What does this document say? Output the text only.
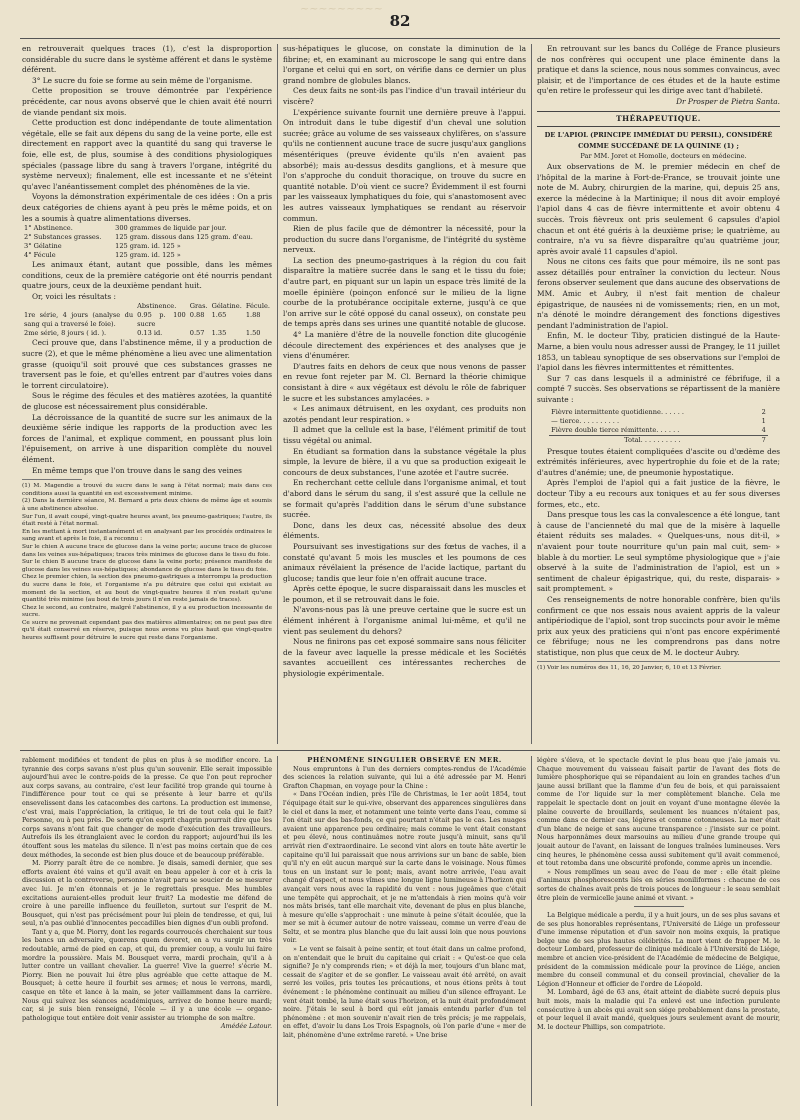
~~~~~~~~~
82

en retrouverait quelques traces (1), c'est la disproportion considérable du sucre dans le système afférent et dans le système déférent.

3° Le sucre du foie se forme au sein même de l'organisme.

Cette proposition se trouve démontrée par l'expérience précédente, car nous avons observé que le chien avait été nourri de viande pendant six mois.

Cette production est donc indépendante de toute alimentation végétale, elle se fait aux dépens du sang de la veine porte, elle est directement en rapport avec la quantité du sang qui traverse le foie, elle est, de plus, soumise à des conditions physiologiques spéciales (passage libre du sang à travers l'organe, intégrité du système nerveux); finalement, elle est incessante et ne s'éteint qu'avec l'anéantissement complet des phénomènes de la vie.

Voyons la démonstration expérimentale de ces idées : On a pris deux catégories de chiens ayant à peu près le même poids, et on les a soumis à quatre alimentations diverses.

1° Abstinence.	300 grammes de liquide par jour.
2° Substances grasses.	125 gram. dissous dans 125 gram. d'eau.
3° Gélatine	125 gram. id. 125 »
4° Fécule	125 gram. id. 125 »

Les animaux étant, autant que possible, dans les mêmes conditions, ceux de la première catégorie ont été nourris pendant quatre jours, ceux de la deuxième pendant huit.

Or, voici les résultats :

	Abstinence.	Gras.	Gélatine.	Fécule.
1re série, 4 jours (analyse du sang qui a traversé le foie).	0.95 p. 100 sucre	0.88	1.65	1.88
2me série, 8 jours ( id. ).	0.13 id.	0.57	1.35	1.50

Ceci prouve que, dans l'abstinence même, il y a production de sucre (2), et que le même phénomène a lieu avec une alimentation grasse (quoiqu'il soit prouvé que ces substances grasses ne traversent pas le foie, et qu'elles entrent par d'autres voies dans le torrent circulatoire).

Sous le régime des fécules et des matières azotées, la quantité de glucose est nécessairement plus considérable.

La décroissance de la quantité de sucre sur les animaux de la deuxième série indique les rapports de la production avec les forces de l'animal, et explique comment, en poussant plus loin l'épuisement, on arrive à une disparition complète du nouvel élément.

En même temps que l'on trouve dans le sang des veines

(1) M. Magendie a trouvé du sucre dans le sang à l'état normal; mais dans ces conditions aussi la quantité en est excessivement minime.

(2) Dans la dernière séance, M. Bernard a pris deux chiens de même âge et soumis à une abstinence absolue.

Sur l'un, il avait coupé, vingt-quatre heures avant, les pneumo-gastriques; l'autre, ils était resté à l'état normal.

En les mettant à mort instantanément et en analysant par les procédés ordinaires le sang avant et après le foie, il a reconnu :

Sur le chien A aucune trace de glucose dans la veine porte; aucune trace de glucose dans les veines sus-hépatiques; traces très minimes de glucose dans le tissu du foie.

Sur le chien B aucune trace de glucose dans la veine porte; présence manifeste de glucose dans les veines sus-hépatiques; abondance de glucose dans le tissu du foie.

Chez le premier chien, la section des pneumo-gastriques a interrompu la production du sucre dans le foie, et l'organisme n'a pu détruire que celui qui existait au moment de la section, et au bout de vingt-quatre heures il n'en restait qu'une quantité très minime (au bout de trois jours il n'en reste jamais de traces).

Chez le second, au contraire, malgré l'abstinence, il y a eu production incessante de sucre.

Ce sucre ne provenait cependant pas des matières alimentaires; on ne peut pas dire qu'il était conservé en réserve, puisque nous avons vu plus haut que vingt-quatre heures suffisent pour détruire le sucre qui reste dans l'organisme.

sus-hépatiques le glucose, on constate la diminution de la fibrine; et, en examinant au microscope le sang qui entre dans l'organe et celui qui en sort, on vérifie dans ce dernier un plus grand nombre de globules blancs.

Ces deux faits ne sont-ils pas l'indice d'un travail intérieur du viscère?

L'expérience suivante fournit une dernière preuve à l'appui. On introduit dans le tube digestif d'un cheval une solution sucrée; grâce au volume de ses vaisseaux chylifères, on s'assure qu'ils ne contiennent aucune trace de sucre jusqu'aux ganglions mésentériques (preuve évidente qu'ils n'en avaient pas absorbé); mais au-dessus desdits ganglions, et à mesure que l'on s'approche du conduit thoracique, on trouve du sucre en quantité notable. D'où vient ce sucre? Évidemment il est fourni par les vaisseaux lymphatiques du foie, qui s'anastomosent avec les autres vaisseaux lymphatiques se rendant au réservoir commun.

Rien de plus facile que de démontrer la nécessité, pour la production du sucre dans l'organisme, de l'intégrité du système nerveux.

La section des pneumo-gastriques à la région du cou fait disparaître la matière sucrée dans le sang et le tissu du foie; d'autre part, en piquant sur un lapin un espace très limité de la moelle épinière (poinçon enfoncé sur le milieu de la ligne courbe de la protubérance occipitale externe, jusqu'à ce que l'on arrive sur le côté opposé du canal osseux), on constate peu de temps après dans ses urines une quantité notable de glucose.

4° La manière d'être de la nouvelle fonction dite glucogénie découle directement des expériences et des analyses que je viens d'énumérer.

D'autres faits en dehors de ceux que nous venons de passer en revue font rejeter par M. Cl. Bernard la théorie chimique consistant à dire « aux végétaux est dévolu le rôle de fabriquer le sucre et les substances amylacées. »

« Les animaux détruisent, en les oxydant, ces produits non azotés pendant leur respiration. »

Il admet que la cellule est la base, l'élément primitif de tout tissu végétal ou animal.

En étudiant sa formation dans la substance végétale la plus simple, la levure de bière, il a vu que sa production exigeait le concours de deux substances, l'une azotée et l'autre sucrée.

En recherchant cette cellule dans l'organisme animal, et tout d'abord dans le sérum du sang, il s'est assuré que la cellule ne se formait qu'après l'addition dans le sérum d'une substance sucrée.

Donc, dans les deux cas, nécessité absolue des deux éléments.

Poursuivant ses investigations sur des fœtus de vaches, il a constaté qu'avant 5 mois les muscles et les poumons de ces animaux révélaient la présence de l'acide lactique, partant du glucose; tandis que leur foie n'en offrait aucune trace.

Après cette époque, le sucre disparaissait dans les muscles et le poumon, et il se retrouvait dans le foie.

N'avons-nous pas là une preuve certaine que le sucre est un élément inhérent à l'organisme animal lui-même, et qu'il ne vient pas seulement du dehors?

Nous ne finirons pas cet exposé sommaire sans nous féliciter de la faveur avec laquelle la presse médicale et les Sociétés savantes accueillent ces intéressantes recherches de physiologie expérimentale.

En retrouvant sur les bancs du Collége de France plusieurs de nos confrères qui occupent une place éminente dans la pratique et dans la science, nous nous sommes convaincus, avec plaisir, et de l'importance de ces études et de la haute estime qu'en retire le professeur qui les dirige avec tant d'habileté.

Dr Prosper de Pietra Santa.

THÉRAPEUTIQUE.

DE L'APIOL (PRINCIPE IMMÉDIAT DU PERSIL), CONSIDÉRÉ COMME SUCCÉDANÉ DE LA QUININE (1) ;

Par MM. Joret et Homolle, docteurs en médecine.

Aux observations de M. le premier médecin en chef de l'hôpital de la marine à Fort-de-France, se trouvait jointe une note de M. Aubry, chirurgien de la marine, qui, depuis 25 ans, exerce la médecine à la Martinique; il nous dit avoir employé l'apiol dans 4 cas de fièvre intermittente et avoir obtenu 4 succès. Trois fièvreux ont pris seulement 6 capsules d'apiol chacun et ont été guéris à la deuxième prise; le quatrième, au contraire, n'a vu sa fièvre disparaître qu'au quatrième jour, après avoir avalé 11 capsules d'apiol.

Nous ne citons ces faits que pour mémoire, ils ne sont pas assez détaillés pour entraîner la conviction du lecteur. Nous ferons observer seulement que dans aucune des observations de MM. Amic et Aubry, il n'est fait mention de chaleur épigastrique, de nausées ni de vomissements; rien, en un mot, n'a dénoté le moindre dérangement des fonctions digestives pendant l'administration de l'apiol.

Enfin, M. le docteur Tiby, praticien distingué de la Haute-Marne, a bien voulu nous adresser aussi de Prangey, le 11 juillet 1853, un tableau synoptique de ses observations sur l'emploi de l'apiol dans les fièvres intermittentes et rémittentes.

Sur 7 cas dans lesquels il a administré ce fébrifuge, il a compté 7 succès. Ses observations se répartissent de la manière suivante :

Fièvre intermittente quotidienne. . . . . .	2
— tierce. . . . . . . . . .	1
Fièvre double tierce rémittente. . . . . .	4
Total. . . . . . . . . .	7

Presque toutes étaient compliquées d'ascite ou d'œdème des extrémités inférieures, avec hypertrophie du foie et de la rate; d'autres d'anémie; une, de pneumonie hypostatique.

Après l'emploi de l'apiol qui a fait justice de la fièvre, le docteur Tiby a eu recours aux toniques et au fer sous diverses formes, etc., etc.

Dans presque tous les cas la convalescence a été longue, tant à cause de l'ancienneté du mal que de la misère à laquelle étaient réduits ses malades. « Quelques-uns, nous dit-il, » n'avaient pour toute nourriture qu'un pain mal cuit, sem- » blable à du mortier. Le seul symptôme physiologique que » j'aie observé à la suite de l'administration de l'apiol, est un » sentiment de chaleur épigastrique, qui, du reste, disparais- » sait promptement. »

Ces renseignements de notre honorable confrère, bien qu'ils confirment ce que nos essais nous avaient appris de la valeur antipériodique de l'apiol, sont trop succincts pour avoir le même prix aux yeux des praticiens qui n'ont pas encore expérimenté ce fébrifuge; nous ne les comprendrons pas dans notre statistique, non plus que ceux de M. le docteur Aubry.

(1) Voir les numéros des 11, 16, 20 Janvier, 6, 10 et 13 Février.

rablement modifiées et tendent de plus en plus à se modifier encore. La tyrannie des corps savans n'est plus qu'un souvenir. Elle serait impossible aujourd'hui avec le contre-poids de la presse. Ce que l'on peut reprocher aux corps savans, au contraire, c'est leur facilité trop grande qui tourne à l'indifférence pour tout ce qui se présente à leur barre et qu'ils ensevelissent dans les catacombes des cartons. La production est immense, c'est vrai, mais l'appréciation, la critique, le tri de tout cela qui le fait? Personne, ou à peu près. De sorte qu'on esprit chagrin pourrait dire que les corps savans n'ont fait que changer de mode d'exécution des travailleurs. Autrefois ils les étranglaient avec le cordon du rapport; aujourd'hui ils les étouffent sous les matelas du silence. Il n'est pas moins certain que de ces deux méthodes, la seconde est bien plus douce et de beaucoup préférable.

M. Piorry paraît être de ce nombre. Je disais, samedi dernier, que ses efforts avaient été vains et qu'il avait en beau appeler à cor et à cris la discussion et la controverse, personne n'avait paru se soucier de se mesurer avec lui. Je m'en étonnais et je le regrettais presque. Mes humbles excitations auraient-elles produit leur fruit? La modestie me défend de croire à une pareille influence du feuilleton, surtout sur l'esprit de M. Bousquet, qui n'est pas précisément pour lui plein de tendresse, et qui, lui seul, n'a pas oublié d'innocentes peccadilles bien dignes d'un oubli profond.

Tant y a, que M. Piorry, dont les regards courroucés cherchaient sur tous les bancs un adversaire, quœrens quem devoret, en a vu surgir un très redoutable, armé de pied en cap, et qui, du premier coup, a voulu lui faire mordre la poussière. Mais M. Bousquet verra, mardi prochain, qu'il a à lutter contre un vaillant chevalier. La guerre! Vive la guerre! s'écrie M. Piorry. Bien ne pouvait lui être plus agréable que cette attaque de M. Bousquet; à cette heure il fourbit ses armes; et nous le verrons, mardi, casque en tête et lance à la main, se jeter vaillamment dans la carrière. Nous qui suivez les séances académiques, arrivez de bonne heure mardi; car, si je suis bien renseigné, l'école — il y a une école — organo-pathologique tout entière doit venir assister au triomphe de son maître.

Amédée Latour.

PHÉNOMÈNE SINGULIER OBSERVÉ EN MER.

Nous empruntons à l'un des derniers comptes-rendus de l'Académie des sciences la relation suivante, qui lui a été adressée par M. Henri Grafton Chapman, en voyage pour la Chine :

« Dans l'Océan indien, près l'île de Christmas, le 1er août 1854, tout l'équipage était sur le qui-vive, observant des apparences singulières dans le ciel et dans la mer, et notamment une teinte verte dans l'eau, comme si l'on était sur des bas-fonds, ce qui pourtant n'était pas le cas. Les nuages avaient une apparence peu ordinaire; mais comme le vent était constant et peu élevé, nous continuâmes notre route jusqu'à minuit, sans qu'il arrivât rien d'extraordinaire. Le second vint alors en toute hâte avertir le capitaine qu'il lui paraissait que nous arrivions sur un banc de sable, bien qu'il n'y en eût aucun marqué sur la carte dans le voisinage. Nous fûmes tous en un instant sur le pont; mais, avant notre arrivée, l'eau avait changé d'aspect, et nous vîmes une longue ligne lumineuse à l'horizon qui avançait vers nous avec la rapidité du vent : nous jugeâmes que c'était une tempête qui approchait, et je ne m'attendais à rien moins qu'à voir nos mâts brisés, tant elle marchait vite, devenant de plus en plus blanche, à mesure qu'elle s'approchait : une minute à peine s'était écoulée, que la mer se mit à écumer autour de notre vaisseau, comme un verre d'eau de Seltz, et se montra plus blanche que du lait aussi loin que nous pouvions voir.

» Le vent se faisait à peine sentir, et tout était dans un calme profond, on n'entendait que le bruit du capitaine qui criait : « Qu'est-ce que cela signifie? Je n'y comprends rien; » et déjà la mer, toujours d'un blanc mat, cessait de s'agiter et de se gonfler. Le vaisseau avait été arrêté, on avait serré les voiles, pris toutes les précautions, et nous étions prêts à tout événement : le phénomène continuait au milieu d'un silence effrayant. Le vent était tombé, la lune était sous l'horizon, et la nuit était profondément noire. J'étais le seul à bord qui eût jamais entendu parler d'un tel phénomène : et mon souvenir n'avait rien de très précis; je me rappelais, en effet, d'avoir lu dans Los Trois Espagnols, où l'on parle d'une « mer de lait, phénomène d'une extrême rareté. » Une brise

légère s'éleva, et le spectacle devint le plus beau que j'aie jamais vu. Chaque mouvement du vaisseau faisait partir de l'avant des flots de lumière phosphorique qui se répandaient au loin en grandes taches d'un jaune aussi brillant que la flamme d'un feu de bois, et qui paraissaient comme de l'or liquide sur la mer complètement blanche. Cela me rappelait le spectacle dont on jouit en voyant d'une montagne élevée la plaine couverte de brouillards, seulement les nuances n'étaient pas, comme dans ce dernier cas, légères et comme cotonneuses. La mer était d'un blanc de neige et sans aucune transparence : j'insiste sur ce point. Nous harponnâmes deux marsouins au milieu d'une grande troupe qui jouait autour de l'avant, en laissant de longues traînées lumineuses. Vers cinq heures, le phénomène cessa aussi subitement qu'il avait commencé, et tout retomba dans une obscurité profonde, comme après un incendie.

» Nous remplîmes un seau avec de l'eau de mer : elle était pleine d'animaux phosphorescents liés en séries moniliformes : chacune de ces sortes de chaînes avait près de trois pouces de longueur : le seau semblait être plein de vermicelle jaune animé et vivant. »

La Belgique médicale a perdu, il y a huit jours, un de ses plus savans et de ses plus honorables représentans, l'Université de Liége un professeur d'une immense réputation et d'un savoir non moins exquis, la pratique belge une de ses plus hautes célébrités. La mort vient de frapper M. le docteur Lombard, professeur de clinique médicale à l'Université de Liége, membre et ancien vice-président de l'Académie de médecine de Belgique, président de la commission médicale pour la province de Liége, ancien membre du conseil communal et du conseil provincial, chevalier de la Légion d'Honneur et officier de l'ordre de Léopold.

M. Lombard, âgé de 63 ans, était atteint de diabète sucré depuis plus huit mois, mais la maladie qui l'a enlevé est une infection purulente consécutive à un abcès qui avait son siége probablement dans la prostate, et pour lequel il avait mandé, quelques jours seulement avant de mourir, M. le docteur Phillips, son compatriote.
